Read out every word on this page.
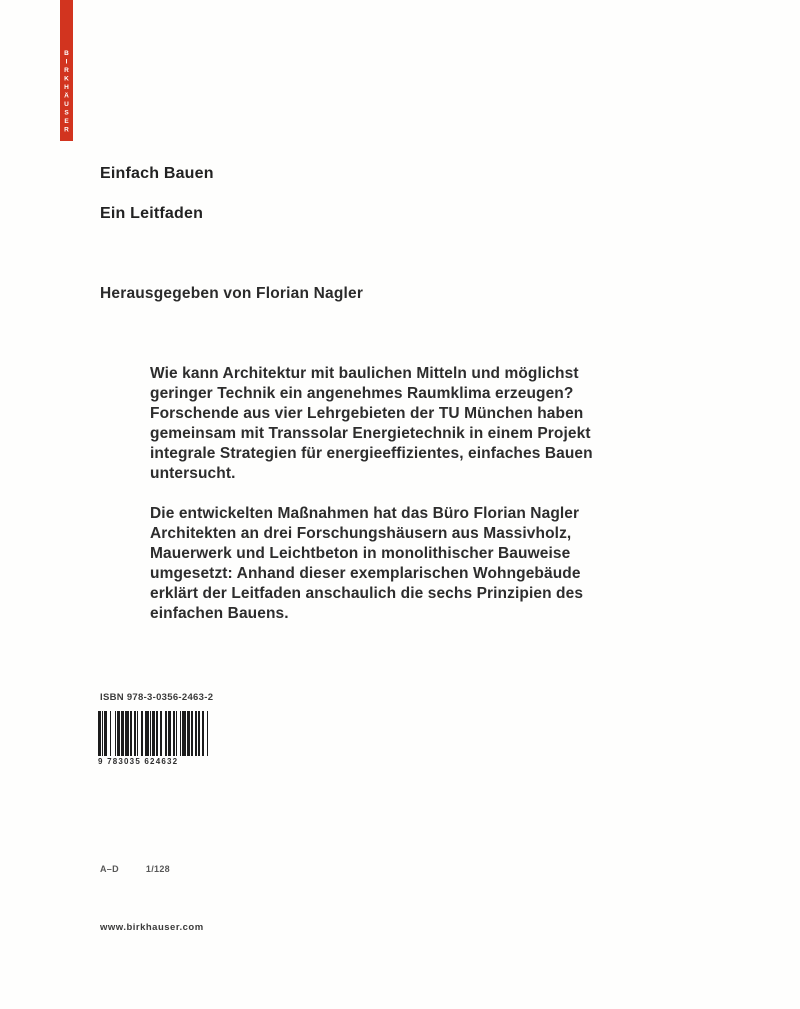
BIRKHÄUSER
Einfach Bauen
Ein Leitfaden
Herausgegeben von Florian Nagler
Wie kann Architektur mit baulichen Mitteln und möglichst
geringer Technik ein angenehmes Raumklima erzeugen?
Forschende aus vier Lehrgebieten der TU München haben
gemeinsam mit Transsolar Energietechnik in einem Projekt
integrale Strategien für energieeffizientes, einfaches Bauen
untersucht.
Die entwickelten Maßnahmen hat das Büro Florian Nagler
Architekten an drei Forschungshäusern aus Massivholz,
Mauerwerk und Leichtbeton in monolithischer Bauweise
umgesetzt: Anhand dieser exemplarischen Wohngebäude
erklärt der Leitfaden anschaulich die sechs Prinzipien des
einfachen Bauens.
ISBN 978-3-0356-2463-2
9 783035 624632
A–D	1/128
www.birkhauser.com
